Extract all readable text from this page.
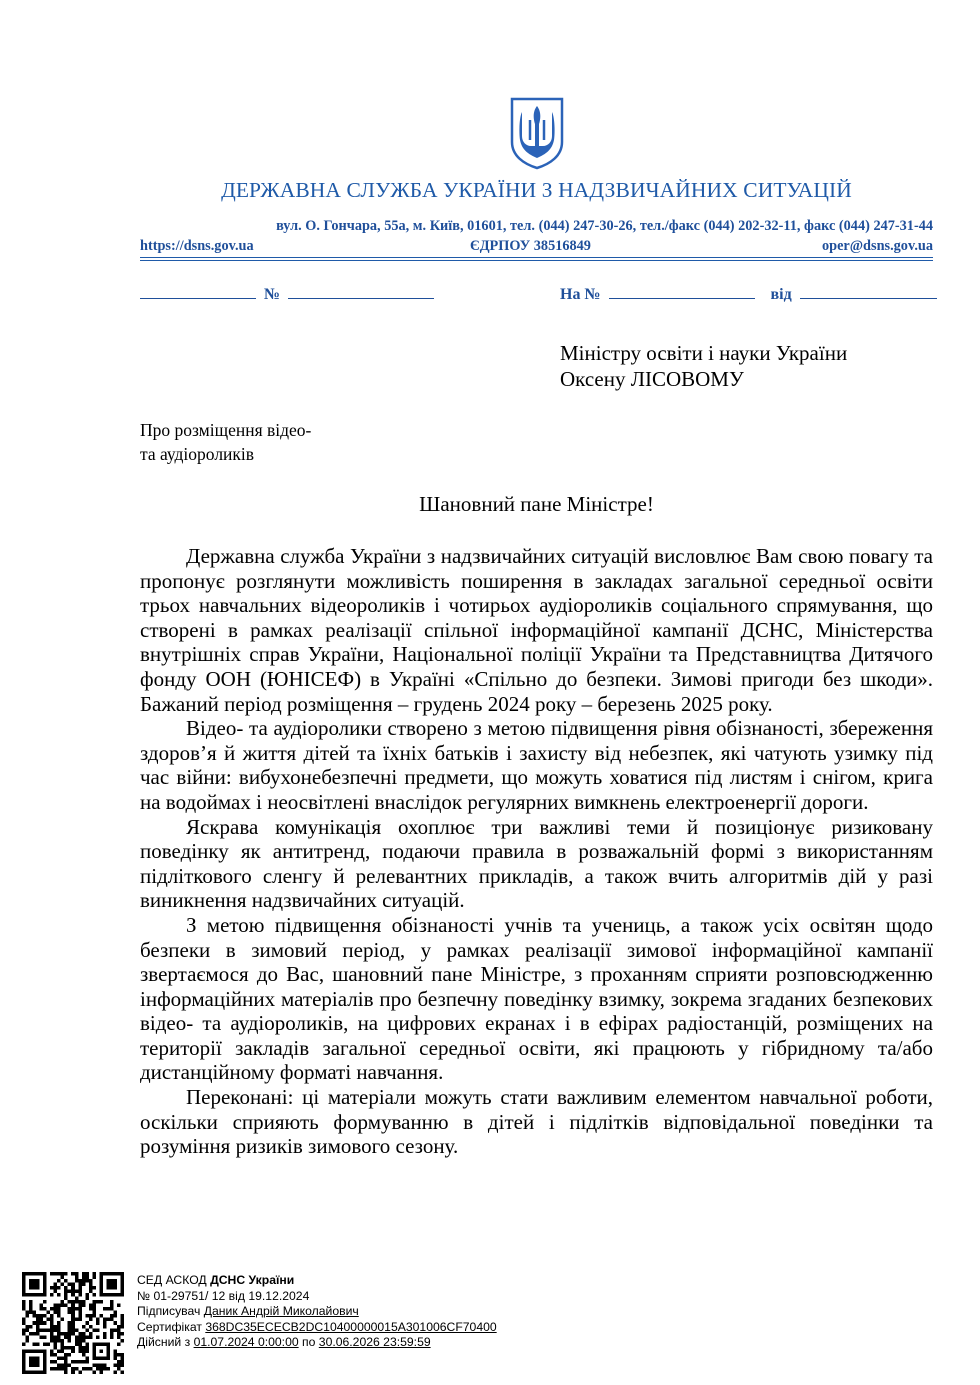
ДЕРЖАВНА СЛУЖБА УКРАЇНИ З НАДЗВИЧАЙНИХ СИТУАЦІЙ
вул. О. Гончара, 55а, м. Київ, 01601, тел. (044) 247-30-26, тел./факс (044) 202-32-11, факс (044) 247-31-44
https://dsns.gov.ua	ЄДРПОУ 38516849	oper@dsns.gov.ua
№	На №	від
Міністру освіти і науки України
Оксену ЛІСОВОМУ
Про розміщення відео-
та аудіороликів
Шановний пане Міністре!

Державна служба України з надзвичайних ситуацій висловлює Вам свою повагу та пропонує розглянути можливість поширення в закладах загальної середньої освіти трьох навчальних відеороликів і чотирьох аудіороликів соціального спрямування, що створені в рамках реалізації спільної інформаційної кампанії ДСНС, Міністерства внутрішніх справ України, Національної поліції України та Представництва Дитячого фонду ООН (ЮНІСЕФ) в Україні «Спільно до безпеки. Зимові пригоди без шкоди». Бажаний період розміщення – грудень 2024 року – березень 2025 року.

Відео- та аудіоролики створено з метою підвищення рівня обізнаності, збереження здоров’я й життя дітей та їхніх батьків і захисту від небезпек, які чатують узимку під час війни: вибухонебезпечні предмети, що можуть ховатися під листям і снігом, крига на водоймах і неосвітлені внаслідок регулярних вимкнень електроенергії дороги.

Яскрава комунікація охоплює три важливі теми й позиціонує ризиковану поведінку як антитренд, подаючи правила в розважальній формі з використанням підліткового сленгу й релевантних прикладів, а також вчить алгоритмів дій у разі виникнення надзвичайних ситуацій.

З метою підвищення обізнаності учнів та учениць, а також усіх освітян щодо безпеки в зимовий період, у рамках реалізації зимової інформаційної кампанії звертаємося до Вас, шановний пане Міністре, з проханням сприяти розповсюдженню інформаційних матеріалів про безпечну поведінку взимку, зокрема згаданих безпекових відео- та аудіороликів, на цифрових екранах і в ефірах радіостанцій, розміщених на території закладів загальної середньої освіти, які працюють у гібридному та/або дистанційному форматі навчання.

Переконані: ці матеріали можуть стати важливим елементом навчальної роботи, оскільки сприяють формуванню в дітей і підлітків відповідальної поведінки та розуміння ризиків зимового сезону.

СЕД АСКОД ДСНС України
№ 01-29751/ 12 від 19.12.2024
Підписувач Даник Андрій Миколайович
Сертифікат 368DC35ECECB2DC10400000015A301006CF70400
Дійсний з 01.07.2024 0:00:00 по 30.06.2026 23:59:59
